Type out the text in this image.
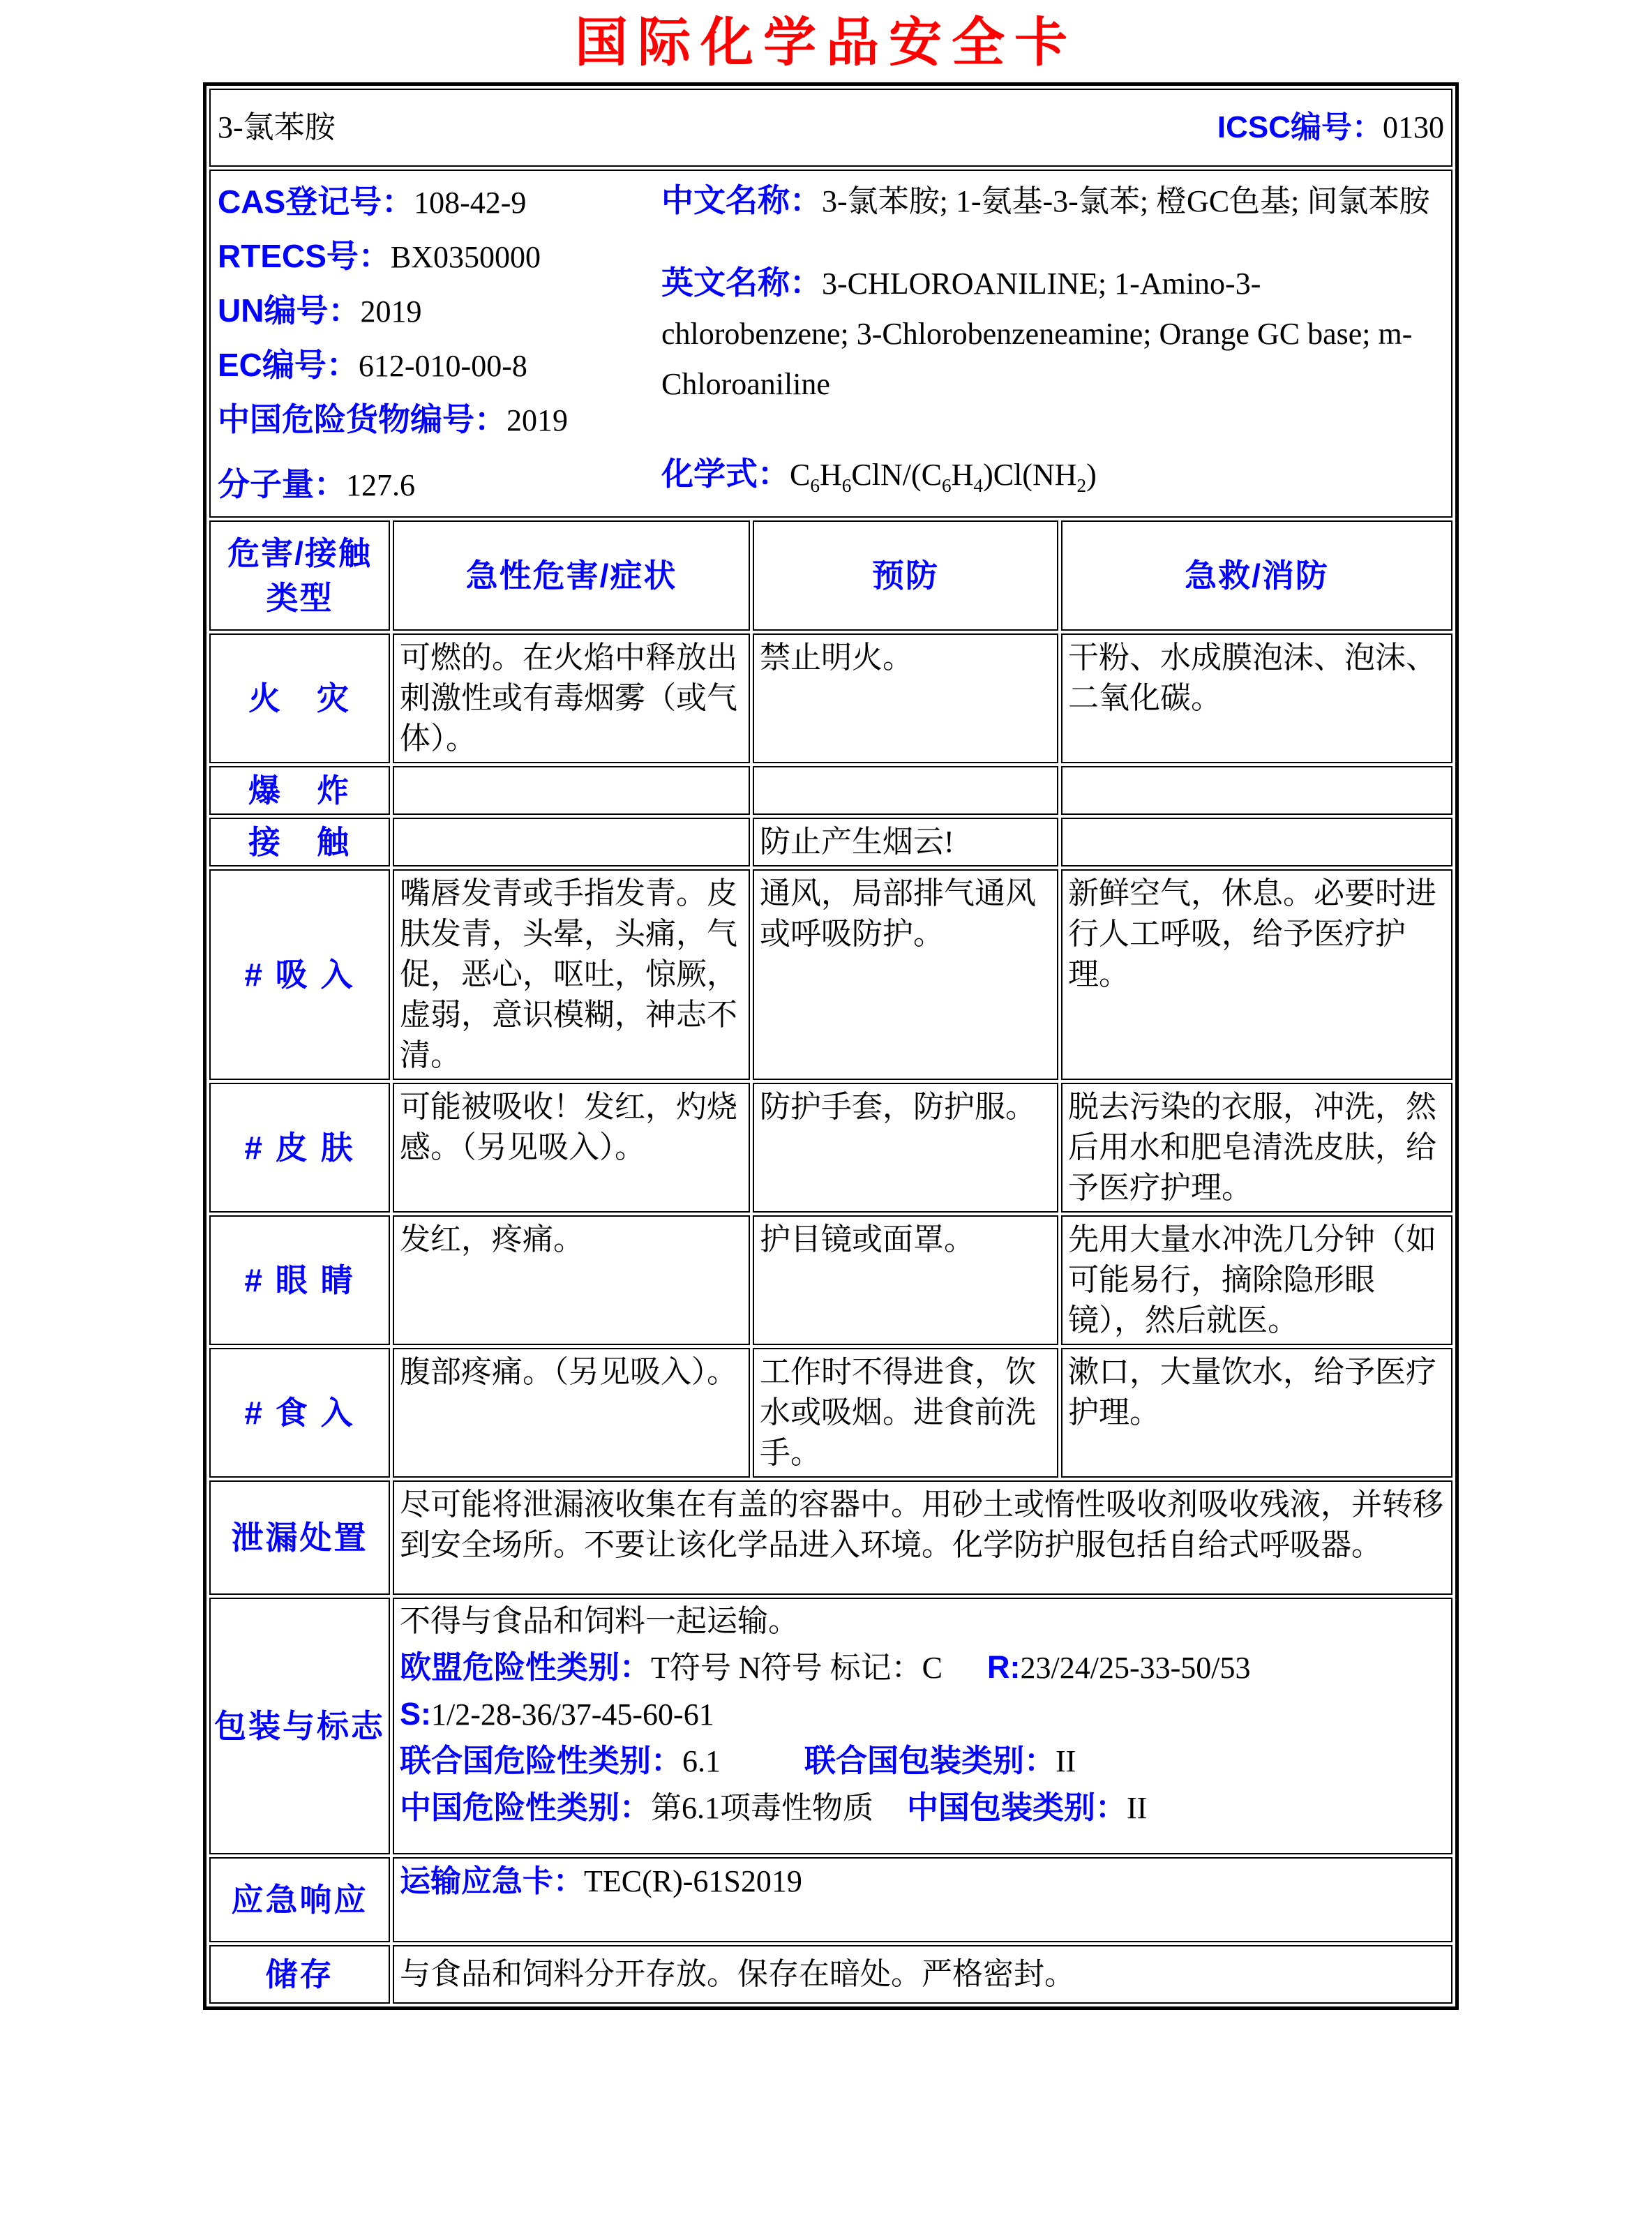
国际化学品安全卡
3-氯苯胺 ICSC编号：0130			

CAS登记号：108-42-9
RTECS号：BX0350000
UN编号：2019
EC编号：612-010-00-8
中国危险货物编号：2019

中文名称：3-氯苯胺; 1-氨基-3-氯苯; 橙GC色基; 间氯苯胺

英文名称：3-CHLOROANILINE; 1-Amino-3-chlorobenzene; 3-Chlorobenzeneamine; Orange GC base; m-Chloroaniline

分子量：127.6	化学式：$C_6H_6ClN/(C_6H_4)Cl(NH_2)$

危害/接触类型	急性危害/症状	预防	急救/消防
火　灾	可燃的。在火焰中释放出刺激性或有毒烟雾（或气体）。	禁止明火。	干粉、水成膜泡沫、泡沫、二氧化碳。
爆　炸			
接　触		防止产生烟云!	
# 吸 入	嘴唇发青或手指发青。皮肤发青，头晕，头痛，气促，恶心，呕吐，惊厥，虚弱，意识模糊，神志不清。	通风，局部排气通风或呼吸防护。	新鲜空气，休息。必要时进行人工呼吸，给予医疗护理。
# 皮 肤	可能被吸收！发红，灼烧感。（另见吸入）。	防护手套，防护服。	脱去污染的衣服，冲洗，然后用水和肥皂清洗皮肤，给予医疗护理。
# 眼 睛	发红，疼痛。	护目镜或面罩。	先用大量水冲洗几分钟（如可能易行，摘除隐形眼镜），然后就医。
# 食 入	腹部疼痛。（另见吸入）。	工作时不得进食，饮水或吸烟。进食前洗手。	漱口，大量饮水，给予医疗护理。
泄漏处置	尽可能将泄漏液收集在有盖的容器中。用砂土或惰性吸收剂吸收残液，并转移到安全场所。不要让该化学品进入环境。化学防护服包括自给式呼吸器。		
包装与标志	不得与食品和饲料一起运输。
欧盟危险性类别：T符号 N符号 标记：C R:23/24/25-33-50/53
S:1/2-28-36/37-45-60-61
联合国危险性类别：6.1 联合国包装类别：II
中国危险性类别：第6.1项毒性物质 中国包装类别：II		

应急响应	运输应急卡：TEC(R)-61S2019		

储存	与食品和饲料分开存放。保存在暗处。严格密封。		
